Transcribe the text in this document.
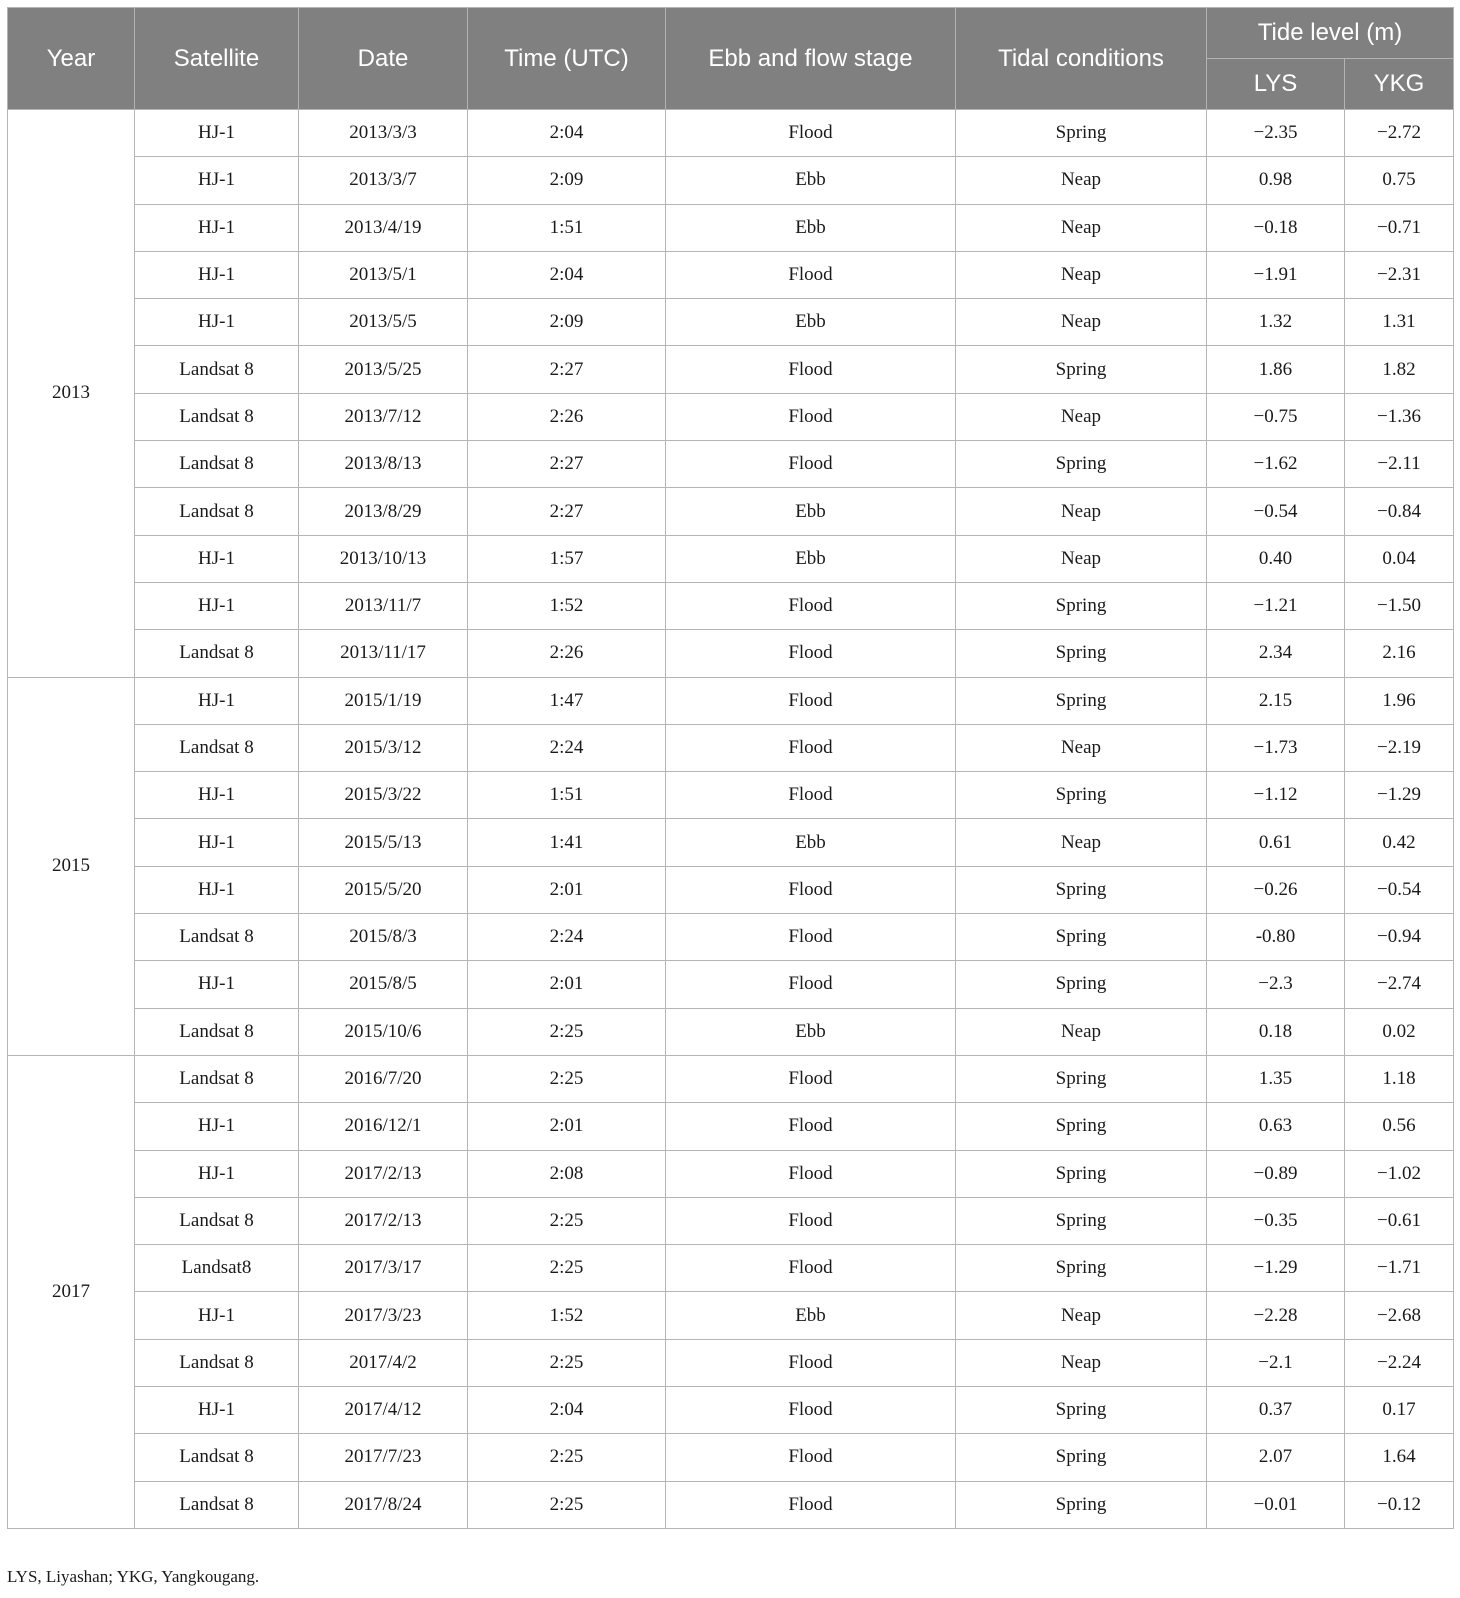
Year	Satellite	Date	Time (UTC)	Ebb and flow stage	Tidal conditions	Tide level (m)	
						LYS	YKG
2013	HJ-1	2013/3/3	2:04	Flood	Spring	−2.35	−2.72
	HJ-1	2013/3/7	2:09	Ebb	Neap	0.98	0.75
	HJ-1	2013/4/19	1:51	Ebb	Neap	−0.18	−0.71
	HJ-1	2013/5/1	2:04	Flood	Neap	−1.91	−2.31
	HJ-1	2013/5/5	2:09	Ebb	Neap	1.32	1.31
	Landsat 8	2013/5/25	2:27	Flood	Spring	1.86	1.82
	Landsat 8	2013/7/12	2:26	Flood	Neap	−0.75	−1.36
	Landsat 8	2013/8/13	2:27	Flood	Spring	−1.62	−2.11
	Landsat 8	2013/8/29	2:27	Ebb	Neap	−0.54	−0.84
	HJ-1	2013/10/13	1:57	Ebb	Neap	0.40	0.04
	HJ-1	2013/11/7	1:52	Flood	Spring	−1.21	−1.50
	Landsat 8	2013/11/17	2:26	Flood	Spring	2.34	2.16
2015	HJ-1	2015/1/19	1:47	Flood	Spring	2.15	1.96
	Landsat 8	2015/3/12	2:24	Flood	Neap	−1.73	−2.19
	HJ-1	2015/3/22	1:51	Flood	Spring	−1.12	−1.29
	HJ-1	2015/5/13	1:41	Ebb	Neap	0.61	0.42
	HJ-1	2015/5/20	2:01	Flood	Spring	−0.26	−0.54
	Landsat 8	2015/8/3	2:24	Flood	Spring	-0.80	−0.94
	HJ-1	2015/8/5	2:01	Flood	Spring	−2.3	−2.74
	Landsat 8	2015/10/6	2:25	Ebb	Neap	0.18	0.02
2017	Landsat 8	2016/7/20	2:25	Flood	Spring	1.35	1.18
	HJ-1	2016/12/1	2:01	Flood	Spring	0.63	0.56
	HJ-1	2017/2/13	2:08	Flood	Spring	−0.89	−1.02
	Landsat 8	2017/2/13	2:25	Flood	Spring	−0.35	−0.61
	Landsat8	2017/3/17	2:25	Flood	Spring	−1.29	−1.71
	HJ-1	2017/3/23	1:52	Ebb	Neap	−2.28	−2.68
	Landsat 8	2017/4/2	2:25	Flood	Neap	−2.1	−2.24
	HJ-1	2017/4/12	2:04	Flood	Spring	0.37	0.17
	Landsat 8	2017/7/23	2:25	Flood	Spring	2.07	1.64
	Landsat 8	2017/8/24	2:25	Flood	Spring	−0.01	−0.12
LYS, Liyashan; YKG, Yangkougang.
